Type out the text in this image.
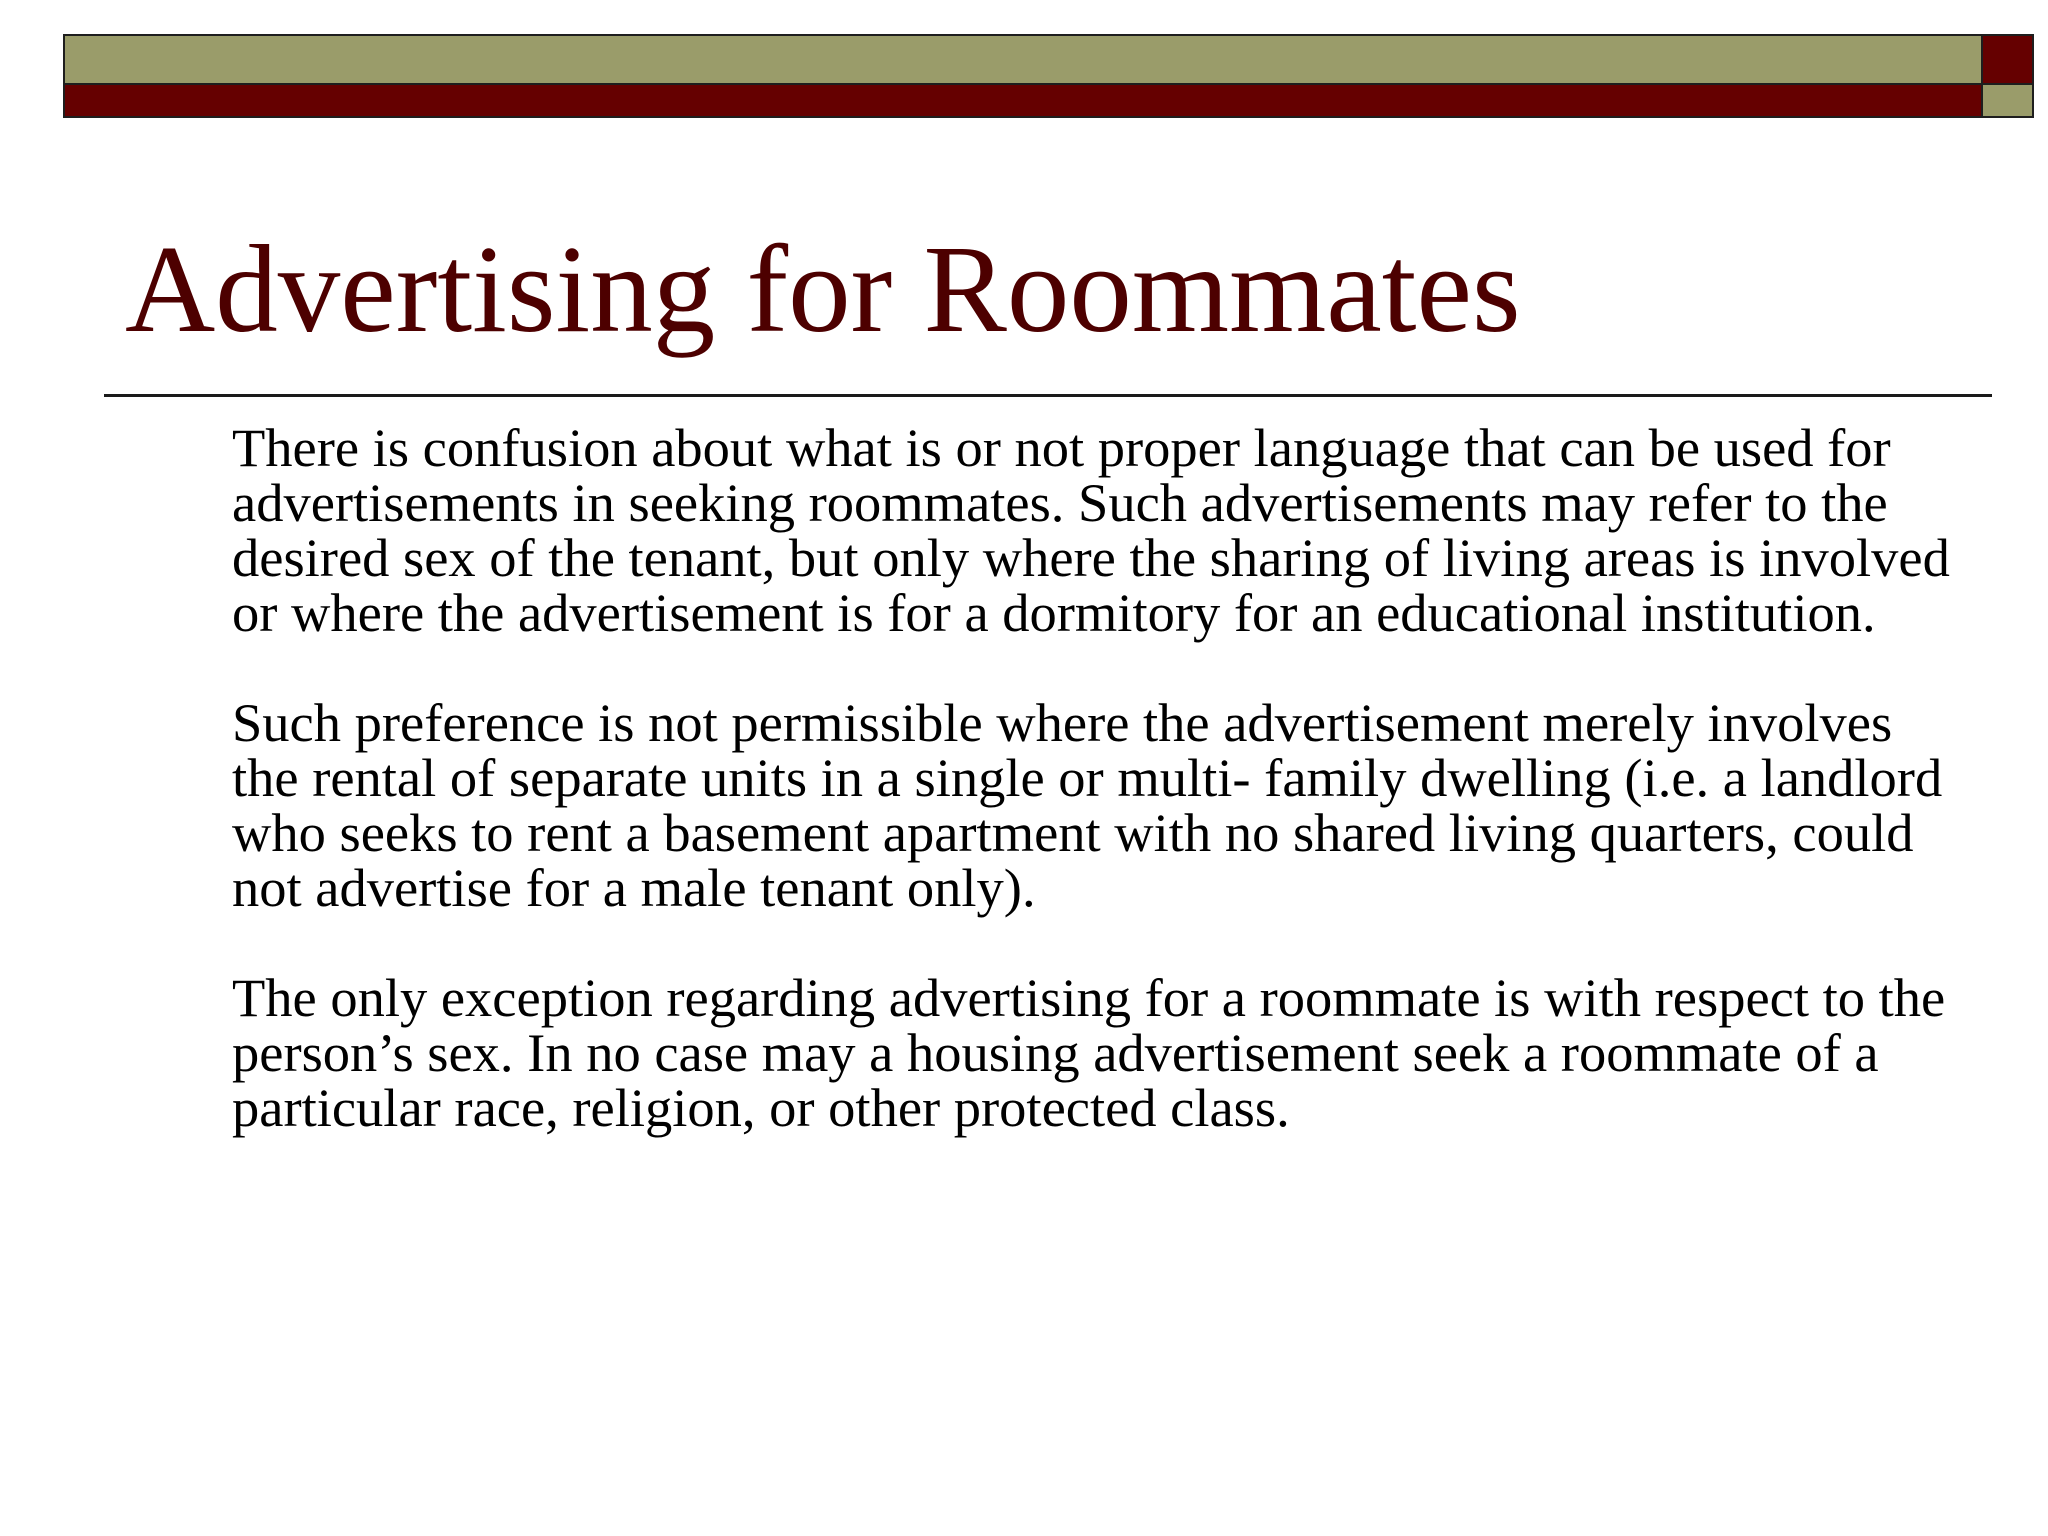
Advertising for Roommates

There is confusion about what is or not proper language that can be used for advertisements in seeking roommates. Such advertisements may refer to the desired sex of the tenant, but only where the sharing of living areas is involved or where the advertisement is for a dormitory for an educational institution.

Such preference is not permissible where the advertisement merely involves the rental of separate units in a single or multi- family dwelling (i.e. a landlord who seeks to rent a basement apartment with no shared living quarters, could not advertise for a male tenant only).

The only exception regarding advertising for a roommate is with respect to the person’s sex. In no case may a housing advertisement seek a roommate of a particular race, religion, or other protected class.
